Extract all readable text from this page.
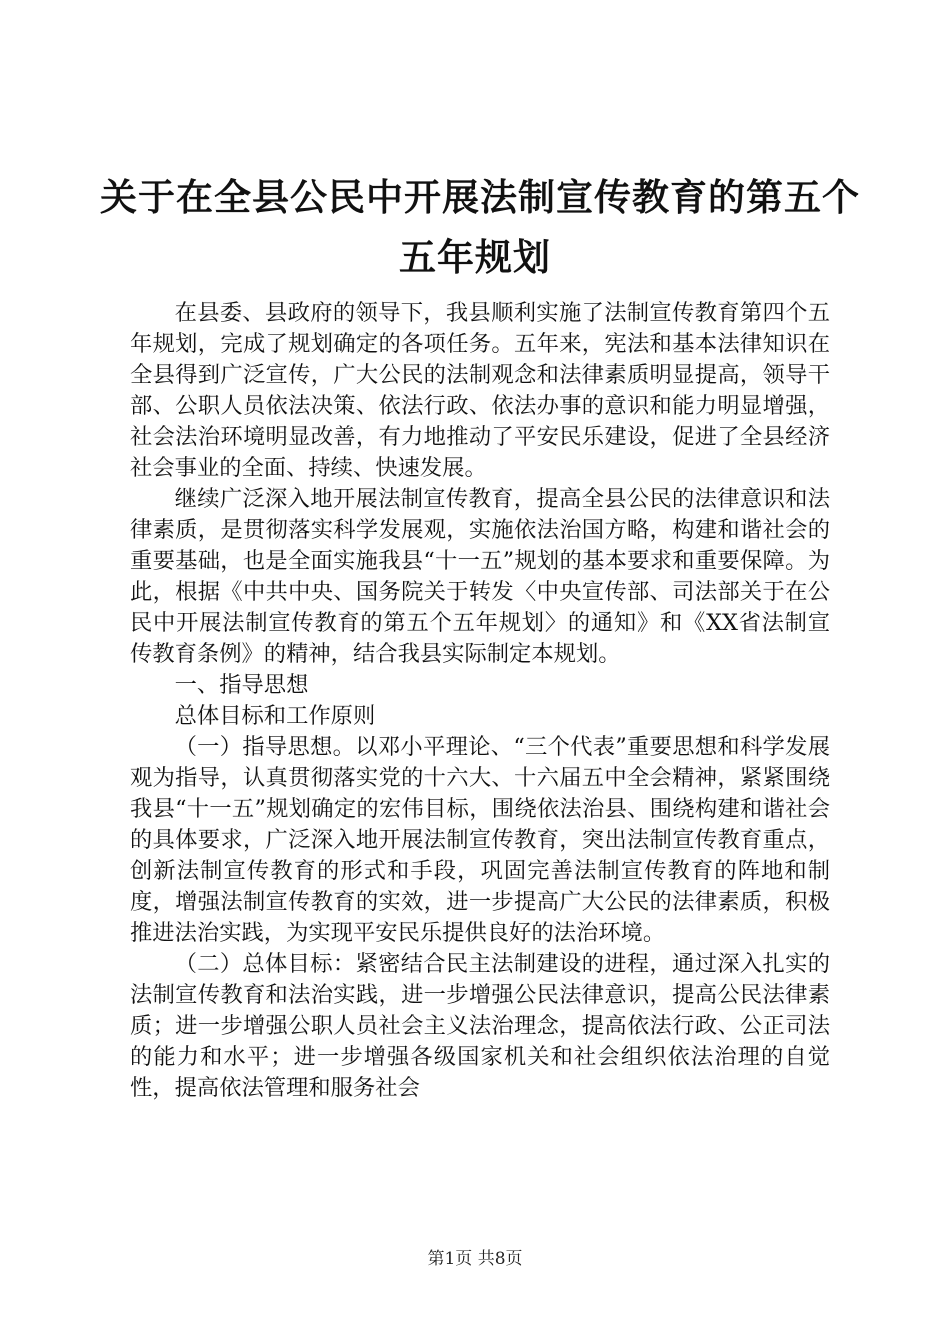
关于在全县公民中开展法制宣传教育的第五个
五年规划

在县委、县政府的领导下，我县顺利实施了法制宣传教育第四个五年规划，完成了规划确定的各项任务。五年来，宪法和基本法律知识在全县得到广泛宣传，广大公民的法制观念和法律素质明显提高，领导干部、公职人员依法决策、依法行政、依法办事的意识和能力明显增强，社会法治环境明显改善，有力地推动了平安民乐建设，促进了全县经济社会事业的全面、持续、快速发展。

继续广泛深入地开展法制宣传教育，提高全县公民的法律意识和法律素质，是贯彻落实科学发展观，实施依法治国方略，构建和谐社会的重要基础，也是全面实施我县“十一五”规划的基本要求和重要保障。为此，根据《中共中央、国务院关于转发〈中央宣传部、司法部关于在公民中开展法制宣传教育的第五个五年规划〉的通知》和《XX省法制宣传教育条例》的精神，结合我县实际制定本规划。

一、指导思想

总体目标和工作原则

（一）指导思想。以邓小平理论、“三个代表”重要思想和科学发展观为指导，认真贯彻落实党的十六大、十六届五中全会精神，紧紧围绕我县“十一五”规划确定的宏伟目标，围绕依法治县、围绕构建和谐社会的具体要求，广泛深入地开展法制宣传教育，突出法制宣传教育重点，创新法制宣传教育的形式和手段，巩固完善法制宣传教育的阵地和制度，增强法制宣传教育的实效，进一步提高广大公民的法律素质，积极推进法治实践，为实现平安民乐提供良好的法治环境。

（二）总体目标：紧密结合民主法制建设的进程，通过深入扎实的法制宣传教育和法治实践，进一步增强公民法律意识，提高公民法律素质；进一步增强公职人员社会主义法治理念，提高依法行政、公正司法的能力和水平；进一步增强各级国家机关和社会组织依法治理的自觉性，提高依法管理和服务社会

第1页 共8页
